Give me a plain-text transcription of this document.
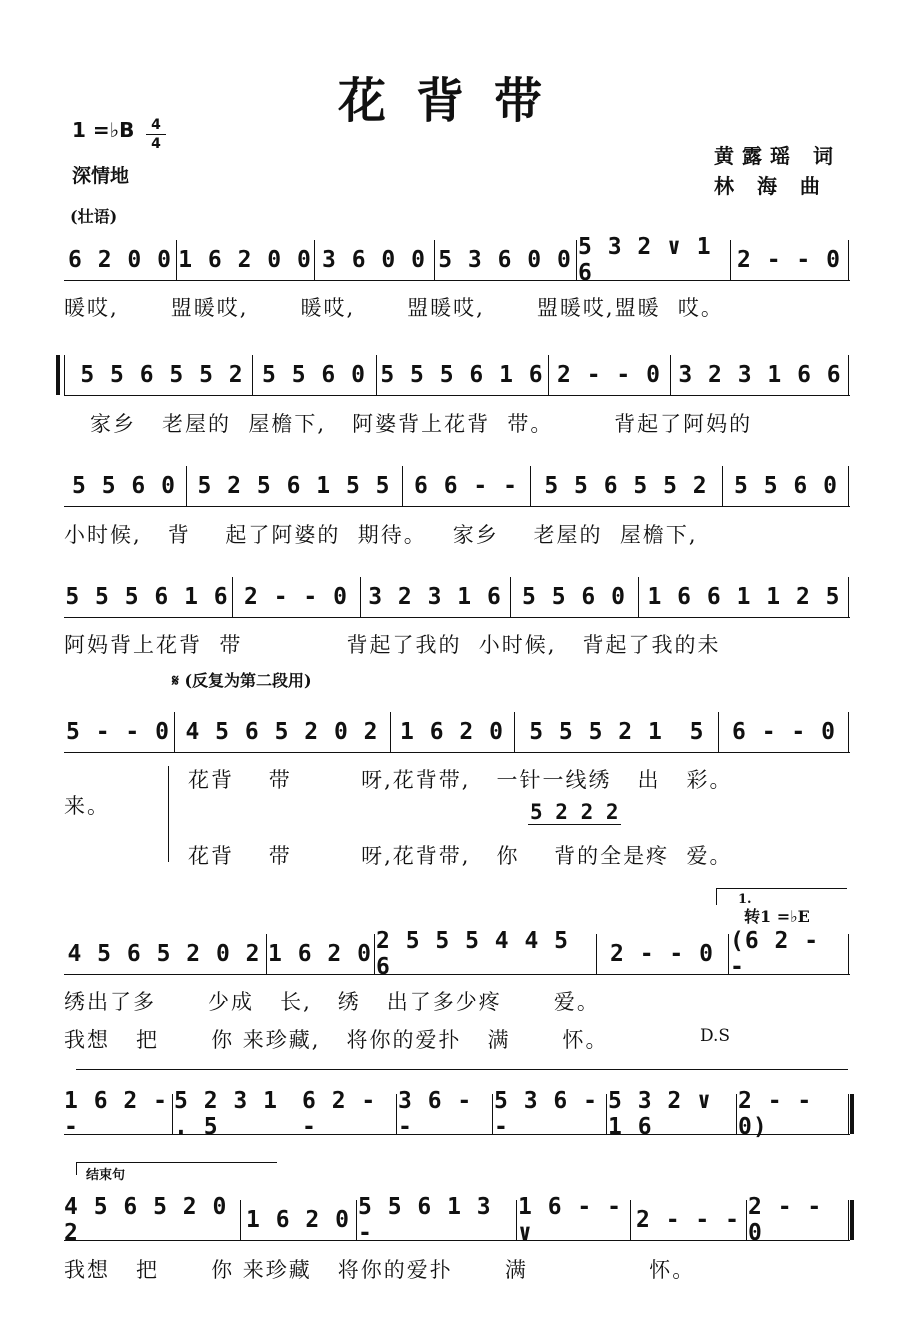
花背带
1 =♭B	4
4
深情地
黄露瑶 词
林 海 曲
(壮语)
6 2 0 0 1 6 2 0 0 3 6 0 0 5 3 6 0 0 5 3 2 ∨ 1 6	2 - - 0
暖哎,      盟暖哎,      暖哎,      盟暖哎,      盟暖哎,盟暖  哎。
5 5 6 5 5 2 5 5 6 0 5 5 5 6 1 6 2 - - 0 3 2 3 1 6 6
家乡   老屋的  屋檐下,   阿婆背上花背  带。       背起了阿妈的
5 5 6 0 5 2 5 6 1 5 5	6 6 - -	5 5 6 5 5 2	5 5 6 0
小时候,   背    起了阿婆的  期待。   家乡    老屋的  屋檐下,
5 5 5 6 1 6 2 - - 0 3 2 3 1 6 5 5 6 0 1 6 6 1 1 2 5
阿妈背上花背  带            背起了我的  小时候,   背起了我的未
𝄋 (反复为第二段用)
5 - - 0 4 5 6 5 2 0 2 1 6 2 0	5 5 5 2 1	5	6 - - 0
花背    带        呀,花背带,   一针一线绣   出   彩。
来。	5 2 2 2
花背    带        呀,花背带,   你    背的全是疼  爱。
1.
转1 =♭E
4 5 6 5 2 0 2 1 6 2 0 2 5 5 5 4 4 5 6	2 - - 0 (6 2 - -
绣出了多      少成   长,   绣   出了多少疼      爱。
我想   把      你 来珍藏,   将你的爱扑   满      怀。	D.S
1 6 2 - -
5 2 3 1 . 5
6 2 - -
3 6 - -
5 3 6 - -
5 3 2 ∨ 1 6
2 - - 0)
结束句
4 5 6 5 2 0 2	1 6 2 0 5 5 6 1 3 -
1 6 - - ∨	2 - - - 2 - - 0
我想   把      你 来珍藏   将你的爱扑      满              怀。
